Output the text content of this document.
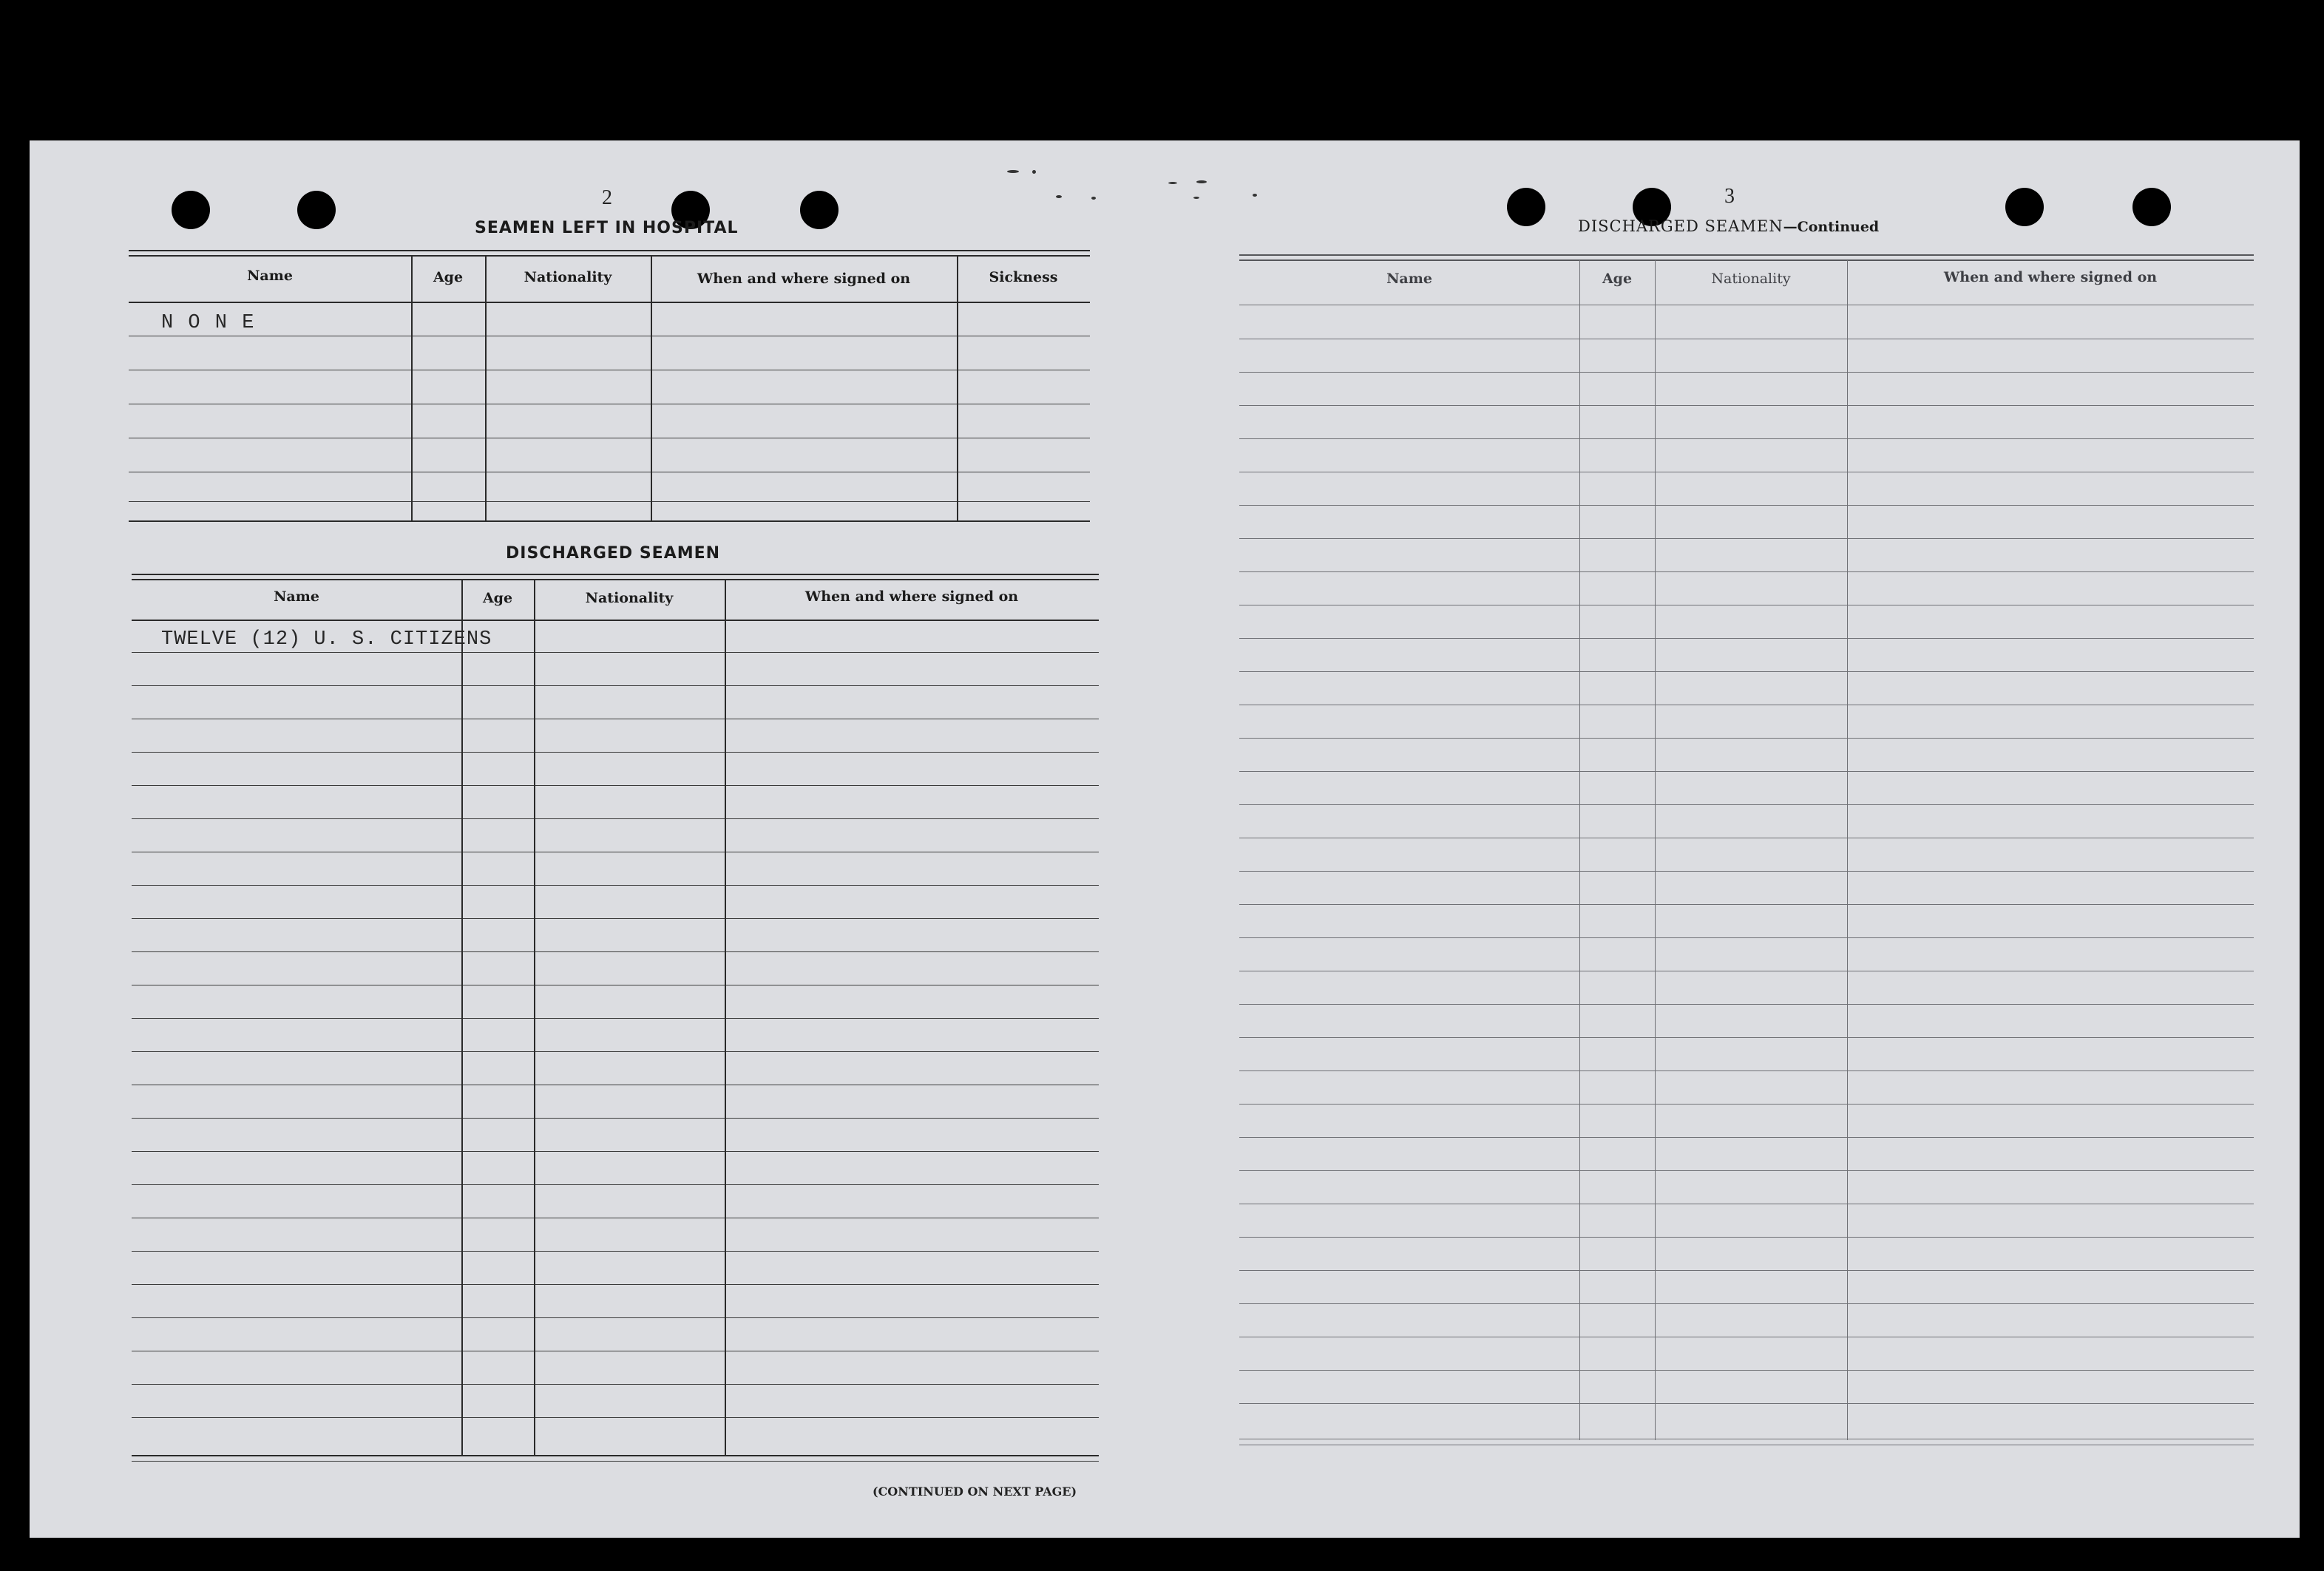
2
SEAMEN LEFT IN HOSPITAL
Name	Age	Nationality	When and where signed on	Sickness
N O N E
DISCHARGED SEAMEN
Name	Age	Nationality	When and where signed on
TWELVE (12) U. S. CITIZENS
(CONTINUED ON NEXT PAGE)
3
DISCHARGED SEAMEN—Continued
Name	Age	Nationality	When and where signed on
